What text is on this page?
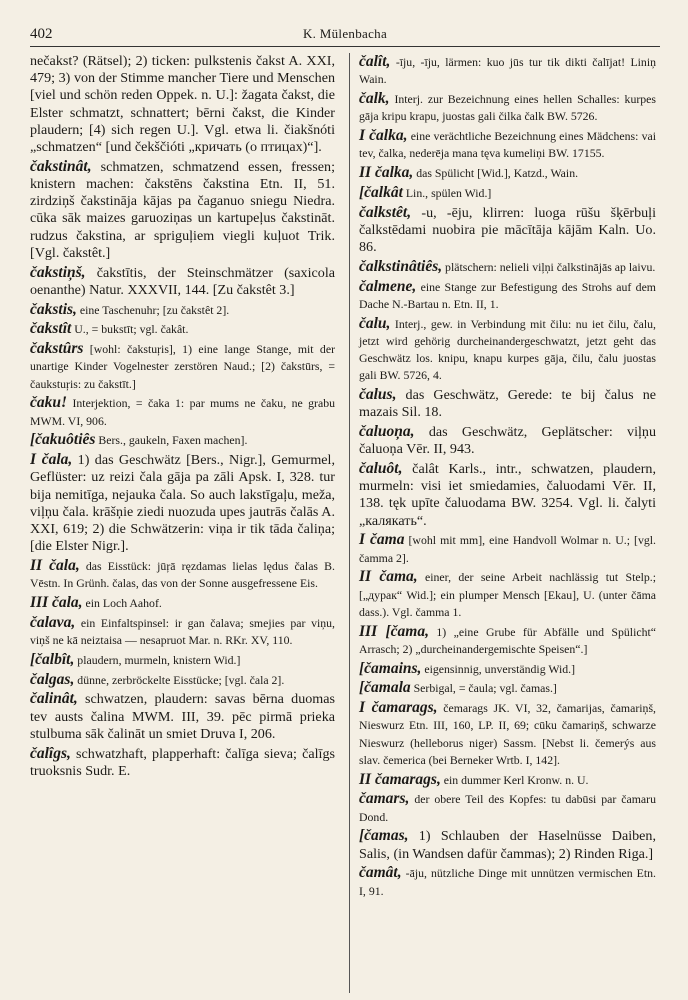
402	K. Mülenbacha

nečakst? (Rätsel); 2) ticken: pulkstenis čakst A. XXI, 479; 3) von der Stimme mancher Tiere und Menschen [viel und schön reden Oppek. n. U.]: žagata čakst, die Elster schmatzt, schnattert; bērni čakst, die Kinder plaudern; [4) sich regen U.]. Vgl. etwa li. čiakšnóti „schmatzen“ [und čekščióti „кричать (о птицах)“].

čakstinât, schmatzen, schmatzend essen, fressen; knistern machen: čakstēns čakstina Etn. II, 51. zirdziņš čakstināja kājas pa čaganuo sniegu Niedra. cūka sāk maizes garuoziņas un kartupeļus čakstināt. rudzus čakstina, ar spriguļiem viegli kuļuot Trik. [Vgl. čakstêt.]

čakstiņš, čakstītis, der Steinschmätzer (saxicola oenanthe) Natur. XXXVII, 144. [Zu čakstêt 3.]

čakstis, eine Taschenuhr; [zu čakstêt 2].

čakstît U., = bukstīt; vgl. čakât.

čakstûrs [wohl: čakstuŗis], 1) eine lange Stange, mit der unartige Kinder Vogelnester zerstören Naud.; [2) čakstūrs, = čaukstuŗis: zu čakstīt.]

čaku! Interjektion, = čaka 1: par mums ne čaku, ne grabu MWM. VI, 906.

[čakuôtiês Bers., gaukeln, Faxen machen].

I čala, 1) das Geschwätz [Bers., Nigr.], Gemurmel, Geflüster: uz reizi čala gāja pa zāli Apsk. I, 328. tur bija nemitīga, nejauka čala. So auch lakstīgaļu, meža, viļņu čala. krāšņie ziedi nuozuda upes jautrās čalās A. XXI, 619; 2) die Schwätzerin: viņa ir tik tāda čaliņa; [die Elster Nigr.].

II čala, das Eisstück: jūŗā ręzdamas lielas lędus čalas B. Vēstn. In Grünh. čalas, das von der Sonne ausgefressene Eis.

III čala, ein Loch Aahof.

čalava, ein Einfaltspinsel: ir gan čalava; smejies par viņu, viņš ne kā neiztaisa — nesapruot Mar. n. RKr. XV, 110.

[čalbît, plaudern, murmeln, knistern Wid.]

čalgas, dünne, zerbröckelte Eisstücke; [vgl. čala 2].

čalinât, schwatzen, plaudern: savas bērna duomas tev austs čalina MWM. III, 39. pēc pirmā prieka stulbuma sāk čalināt un smiet Druva I, 206.

čalîgs, schwatzhaft, plapperhaft: čalīga sieva; čalīgs truoksnis Sudr. E.

čalît, -īju, -īju, lärmen: kuo jūs tur tik dikti čalījat! Liniņ Wain.

čalk, Interj. zur Bezeichnung eines hellen Schalles: kurpes gāja kripu krapu, juostas gali čilka čalk BW. 5726.

I čalka, eine verächtliche Bezeichnung eines Mädchens: vai tev, čalka, nederēja mana tęva kumeliņi BW. 17155.

II čalka, das Spülicht [Wid.], Katzd., Wain.

[čalkât Lin., spülen Wid.]

čalkstêt, -u, -ēju, klirren: luoga rūšu šķērbuļi čalkstēdami nuobira pie mācītāja kājām Kaln. Uo. 86.

čalkstinâtiês, plätschern: nelieli viļņi čalkstinājās ap laivu.

čalmene, eine Stange zur Befestigung des Strohs auf dem Dache N.-Bartau n. Etn. II, 1.

čalu, Interj., gew. in Verbindung mit čilu: nu iet čilu, čalu, jetzt wird gehörig durcheinandergeschwatzt, jetzt geht das Geschwätz los. knipu, knapu kurpes gāja, čilu, čalu juostas gali BW. 5726, 4.

čalus, das Geschwätz, Gerede: te bij čalus ne mazais Sil. 18.

čaluoņa, das Geschwätz, Geplätscher: viļņu čaluoņa Vēr. II, 943.

čaluôt, čalât Karls., intr., schwatzen, plaudern, murmeln: visi iet smiedamies, čaluodami Vēr. II, 138. tęk upīte čaluodama BW. 3254. Vgl. li. čalyti „калякать“.

I čama [wohl mit mm], eine Handvoll Wolmar n. U.; [vgl. čamma 2].

II čama, einer, der seine Arbeit nachlässig tut Stelp.; [„дурак“ Wid.]; ein plumper Mensch [Ekau], U. (unter čāma dass.). Vgl. čamma 1.

III [čama, 1) „eine Grube für Abfälle und Spülicht“ Arrasch; 2) „durcheinandergemischte Speisen“.]

[čamains, eigensinnig, unverständig Wid.]

[čamala Serbigal, = čaula; vgl. čamas.]

I čamarags, čemarags JK. VI, 32, čamarijas, čamariņš, Nieswurz Etn. III, 160, LP. II, 69; cūku čamariņš, schwarze Nieswurz (helleborus niger) Sassm. [Nebst li. čemerýs aus slav. čemerica (bei Berneker Wrtb. I, 142].

II čamarags, ein dummer Kerl Kronw. n. U.

čamars, der obere Teil des Kopfes: tu dabūsi par čamaru Dond.

[čamas, 1) Schlauben der Haselnüsse Daiben, Salis, (in Wandsen dafür čammas); 2) Rinden Riga.]

čamât, -āju, nützliche Dinge mit unnützen vermischen Etn. I, 91.
